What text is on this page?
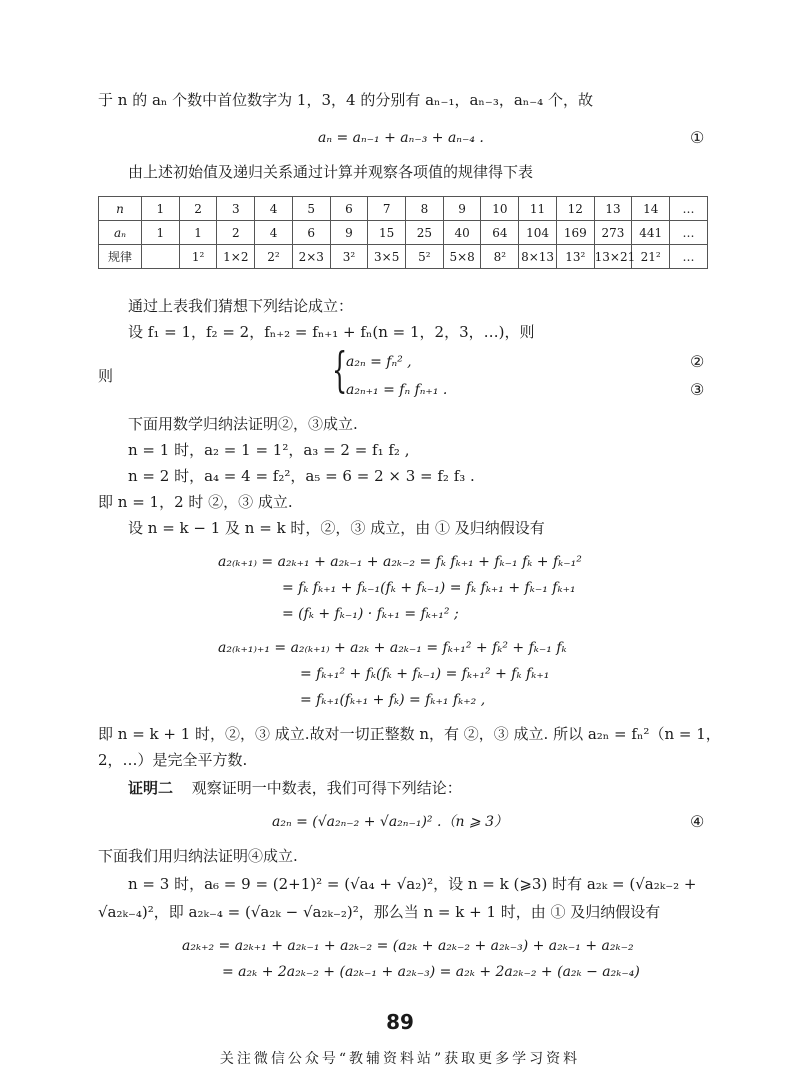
于 n 的 aₙ 个数中首位数字为 1，3，4 的分别有 aₙ₋₁，aₙ₋₃，aₙ₋₄ 个，故
aₙ = aₙ₋₁ + aₙ₋₃ + aₙ₋₄ .	①
由上述初始值及递归关系通过计算并观察各项值的规律得下表
n	1	2	3	4	5	6	7	8	9	10	11	12	13	14	…
aₙ	1	1	2	4	6	9	15	25	40	64	104	169	273	441	…
规律		1²	1×2	2²	2×3	3²	3×5	5²	5×8	8²	8×13	13²	13×21	21²	…
通过上表我们猜想下列结论成立：
设 f₁ = 1，f₂ = 2，fₙ₊₂ = fₙ₊₁ + fₙ(n = 1，2，3，…)，则
则	{
a₂ₙ = fₙ² ,	②
a₂ₙ₊₁ = fₙ fₙ₊₁ .	③
下面用数学归纳法证明②，③成立.
n = 1 时，a₂ = 1 = 1²，a₃ = 2 = f₁ f₂ ,
n = 2 时，a₄ = 4 = f₂²，a₅ = 6 = 2 × 3 = f₂ f₃ .
即 n = 1，2 时 ②，③ 成立.
设 n = k − 1 及 n = k 时，②，③ 成立，由 ① 及归纳假设有
a₂₍ₖ₊₁₎ = a₂ₖ₊₁ + a₂ₖ₋₁ + a₂ₖ₋₂ = fₖ fₖ₊₁ + fₖ₋₁ fₖ + fₖ₋₁²
= fₖ fₖ₊₁ + fₖ₋₁(fₖ + fₖ₋₁) = fₖ fₖ₊₁ + fₖ₋₁ fₖ₊₁
= (fₖ + fₖ₋₁) · fₖ₊₁ = fₖ₊₁² ;
a₂₍ₖ₊₁₎₊₁ = a₂₍ₖ₊₁₎ + a₂ₖ + a₂ₖ₋₁ = fₖ₊₁² + fₖ² + fₖ₋₁ fₖ
= fₖ₊₁² + fₖ(fₖ + fₖ₋₁) = fₖ₊₁² + fₖ fₖ₊₁
= fₖ₊₁(fₖ₊₁ + fₖ) = fₖ₊₁ fₖ₊₂ ,
即 n = k + 1 时，②，③ 成立.故对一切正整数 n，有 ②，③ 成立. 所以 a₂ₙ = fₙ²（n = 1，
2，…）是完全平方数.
证明二 观察证明一中数表，我们可得下列结论：
a₂ₙ = (√a₂ₙ₋₂ + √a₂ₙ₋₁)² .（n ⩾ 3）	④
下面我们用归纳法证明④成立.
n = 3 时，a₆ = 9 = (2+1)² = (√a₄ + √a₂)²，设 n = k (⩾3) 时有 a₂ₖ = (√a₂ₖ₋₂ +
√a₂ₖ₋₄)²，即 a₂ₖ₋₄ = (√a₂ₖ − √a₂ₖ₋₂)²，那么当 n = k + 1 时，由 ① 及归纳假设有
a₂ₖ₊₂ = a₂ₖ₊₁ + a₂ₖ₋₁ + a₂ₖ₋₂ = (a₂ₖ + a₂ₖ₋₂ + a₂ₖ₋₃) + a₂ₖ₋₁ + a₂ₖ₋₂
= a₂ₖ + 2a₂ₖ₋₂ + (a₂ₖ₋₁ + a₂ₖ₋₃) = a₂ₖ + 2a₂ₖ₋₂ + (a₂ₖ − a₂ₖ₋₄)
89
关注微信公众号“教辅资料站”获取更多学习资料
